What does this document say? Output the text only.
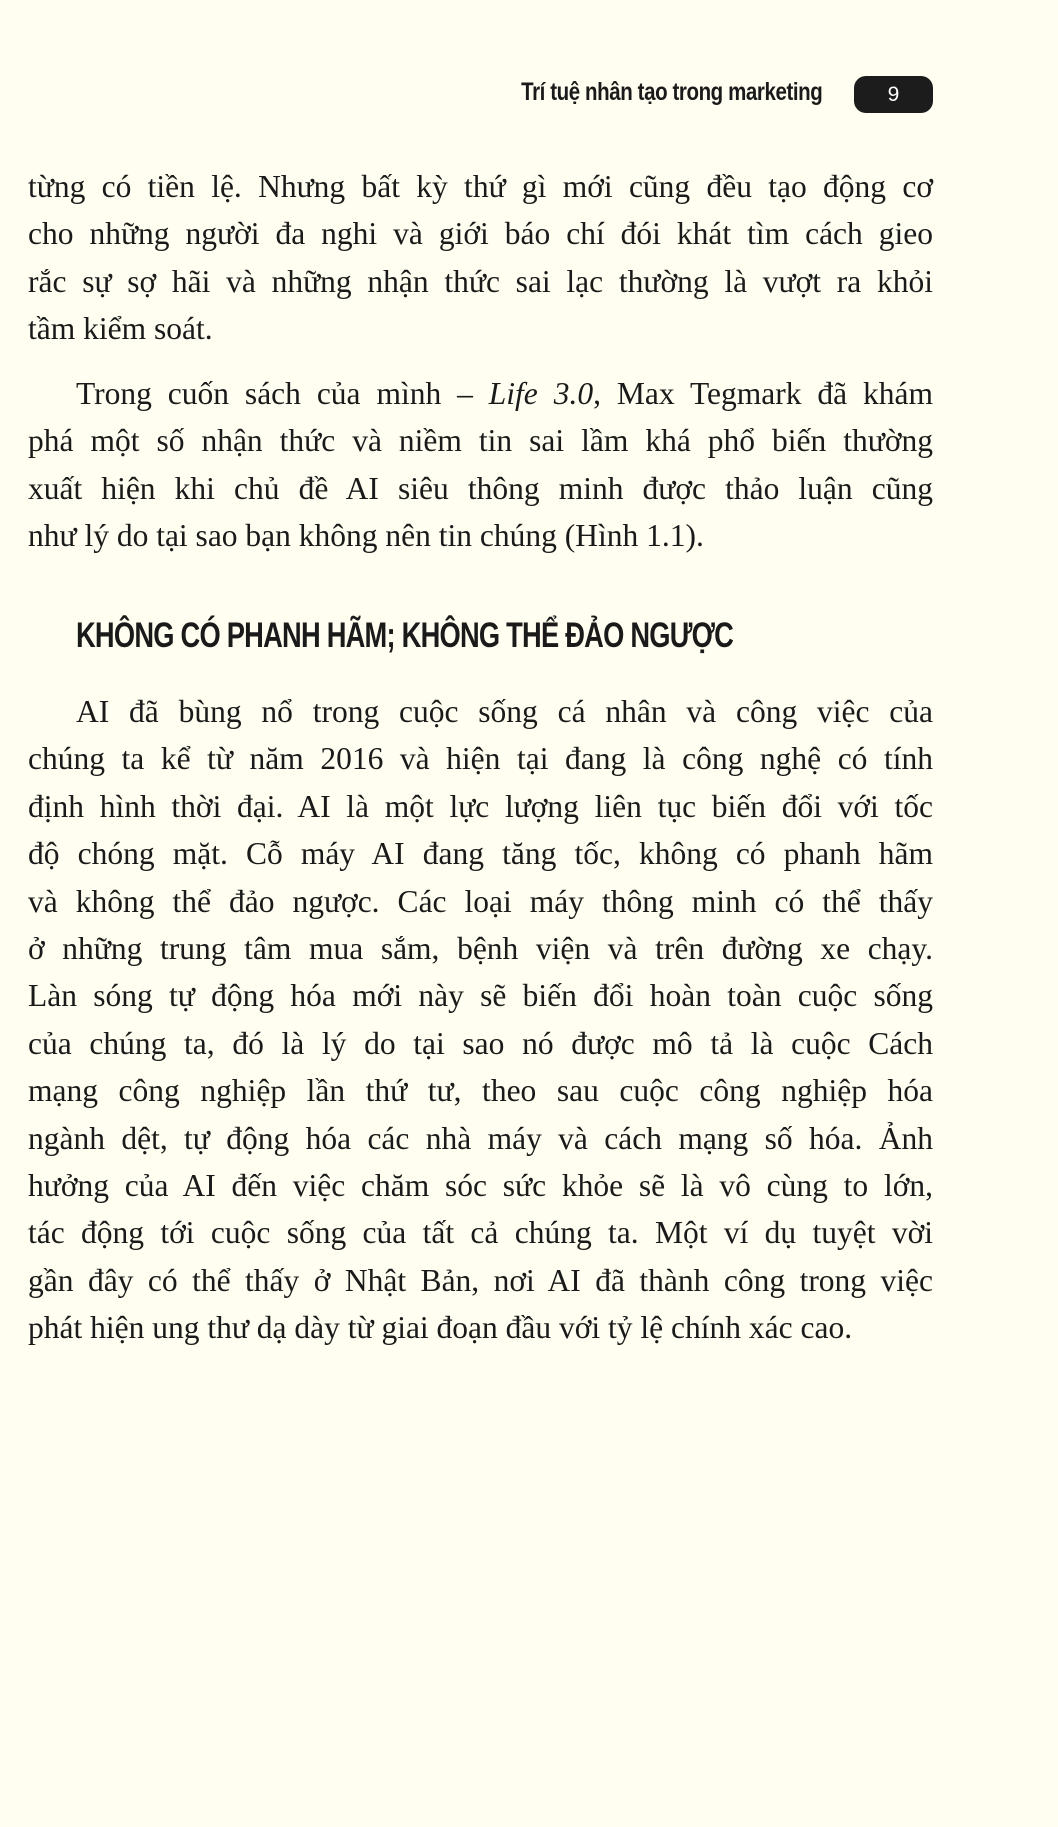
Trí tuệ nhân tạo trong marketing	9
từng có tiền lệ. Nhưng bất kỳ thứ gì mới cũng đều tạo động cơ
cho những người đa nghi và giới báo chí đói khát tìm cách gieo
rắc sự sợ hãi và những nhận thức sai lạc thường là vượt ra khỏi
tầm kiểm soát.
Trong cuốn sách của mình – Life 3.0, Max Tegmark đã khám
phá một số nhận thức và niềm tin sai lầm khá phổ biến thường
xuất hiện khi chủ đề AI siêu thông minh được thảo luận cũng
như lý do tại sao bạn không nên tin chúng (Hình 1.1).
KHÔNG CÓ PHANH HÃM; KHÔNG THỂ ĐẢO NGƯỢC
AI đã bùng nổ trong cuộc sống cá nhân và công việc của
chúng ta kể từ năm 2016 và hiện tại đang là công nghệ có tính
định hình thời đại. AI là một lực lượng liên tục biến đổi với tốc
độ chóng mặt. Cỗ máy AI đang tăng tốc, không có phanh hãm
và không thể đảo ngược. Các loại máy thông minh có thể thấy
ở những trung tâm mua sắm, bệnh viện và trên đường xe chạy.
Làn sóng tự động hóa mới này sẽ biến đổi hoàn toàn cuộc sống
của chúng ta, đó là lý do tại sao nó được mô tả là cuộc Cách
mạng công nghiệp lần thứ tư, theo sau cuộc công nghiệp hóa
ngành dệt, tự động hóa các nhà máy và cách mạng số hóa. Ảnh
hưởng của AI đến việc chăm sóc sức khỏe sẽ là vô cùng to lớn,
tác động tới cuộc sống của tất cả chúng ta. Một ví dụ tuyệt vời
gần đây có thể thấy ở Nhật Bản, nơi AI đã thành công trong việc
phát hiện ung thư dạ dày từ giai đoạn đầu với tỷ lệ chính xác cao.
